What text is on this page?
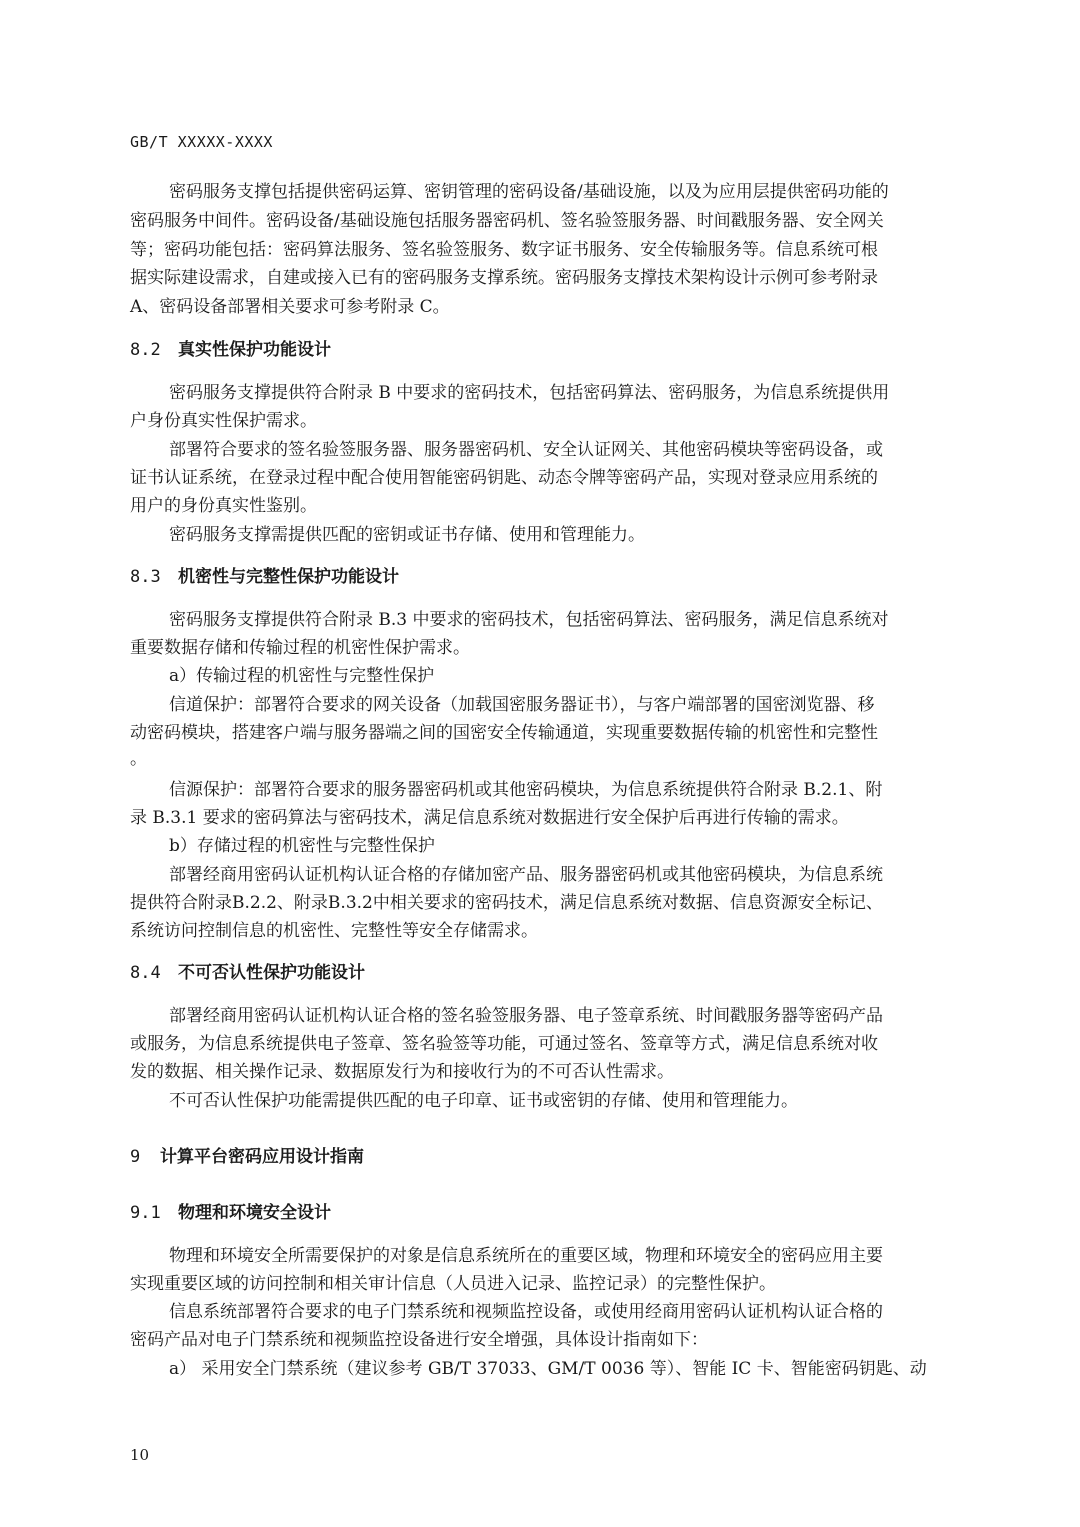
GB/T XXXXX-XXXX
密码服务支撑包括提供密码运算、密钥管理的密码设备/基础设施，以及为应用层提供密码功能的
密码服务中间件。密码设备/基础设施包括服务器密码机、签名验签服务器、时间戳服务器、安全网关
等；密码功能包括：密码算法服务、签名验签服务、数字证书服务、安全传输服务等。信息系统可根
据实际建设需求，自建或接入已有的密码服务支撑系统。密码服务支撑技术架构设计示例可参考附录
A、密码设备部署相关要求可参考附录 C。
8.2 真实性保护功能设计
密码服务支撑提供符合附录 B 中要求的密码技术，包括密码算法、密码服务，为信息系统提供用
户身份真实性保护需求。
部署符合要求的签名验签服务器、服务器密码机、安全认证网关、其他密码模块等密码设备，或
证书认证系统，在登录过程中配合使用智能密码钥匙、动态令牌等密码产品，实现对登录应用系统的
用户的身份真实性鉴别。
密码服务支撑需提供匹配的密钥或证书存储、使用和管理能力。
8.3 机密性与完整性保护功能设计
密码服务支撑提供符合附录 B.3 中要求的密码技术，包括密码算法、密码服务，满足信息系统对
重要数据存储和传输过程的机密性保护需求。
a）传输过程的机密性与完整性保护
信道保护：部署符合要求的网关设备（加载国密服务器证书），与客户端部署的国密浏览器、移
动密码模块，搭建客户端与服务器端之间的国密安全传输通道，实现重要数据传输的机密性和完整性
。
信源保护：部署符合要求的服务器密码机或其他密码模块，为信息系统提供符合附录 B.2.1、附
录 B.3.1 要求的密码算法与密码技术，满足信息系统对数据进行安全保护后再进行传输的需求。
b）存储过程的机密性与完整性保护
部署经商用密码认证机构认证合格的存储加密产品、服务器密码机或其他密码模块，为信息系统
提供符合附录B.2.2、附录B.3.2中相关要求的密码技术，满足信息系统对数据、信息资源安全标记、
系统访问控制信息的机密性、完整性等安全存储需求。
8.4 不可否认性保护功能设计
部署经商用密码认证机构认证合格的签名验签服务器、电子签章系统、时间戳服务器等密码产品
或服务，为信息系统提供电子签章、签名验签等功能，可通过签名、签章等方式，满足信息系统对收
发的数据、相关操作记录、数据原发行为和接收行为的不可否认性需求。
不可否认性保护功能需提供匹配的电子印章、证书或密钥的存储、使用和管理能力。
9 计算平台密码应用设计指南
9.1 物理和环境安全设计
物理和环境安全所需要保护的对象是信息系统所在的重要区域，物理和环境安全的密码应用主要
实现重要区域的访问控制和相关审计信息（人员进入记录、监控记录）的完整性保护。
信息系统部署符合要求的电子门禁系统和视频监控设备，或使用经商用密码认证机构认证合格的
密码产品对电子门禁系统和视频监控设备进行安全增强，具体设计指南如下：
a） 采用安全门禁系统（建议参考 GB/T 37033、GM/T 0036 等）、智能 IC 卡、智能密码钥匙、动
10
